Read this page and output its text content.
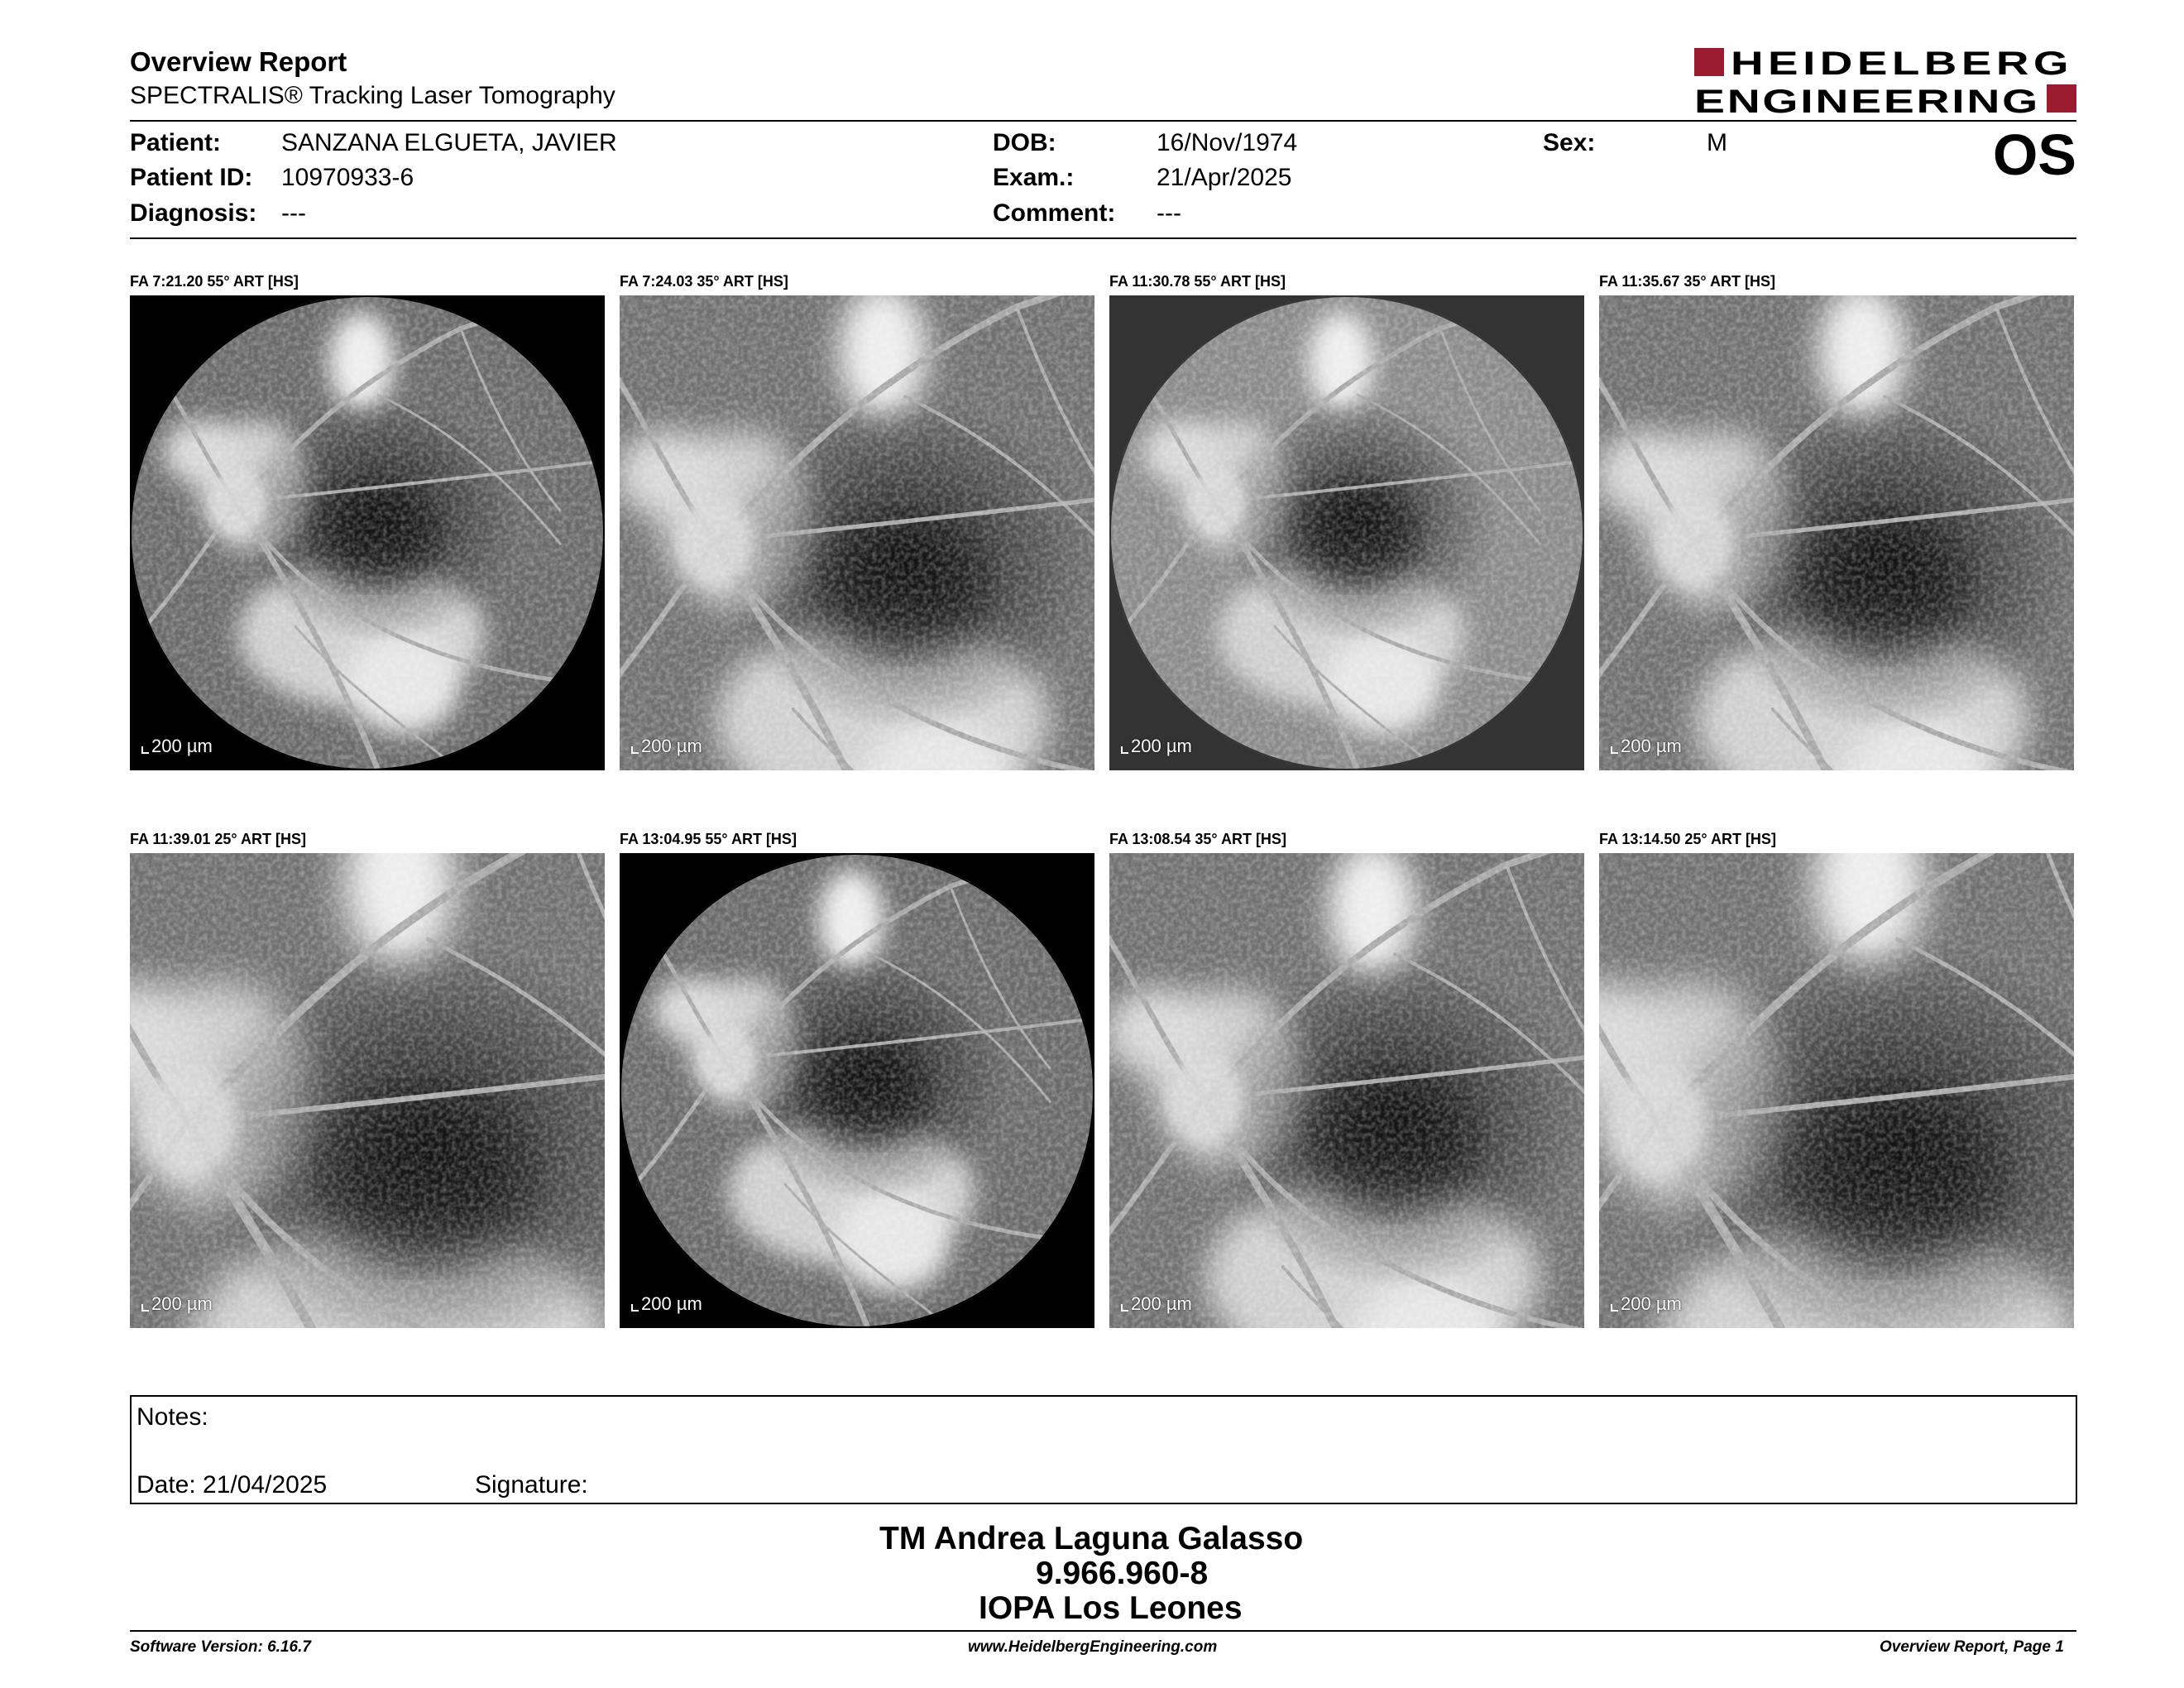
Overview Report
SPECTRALIS® Tracking Laser Tomography
HEIDELBERG
ENGINEERING
Patient: SANZANA ELGUETA, JAVIER
Patient ID: 10970933-6
Diagnosis: ---
DOB:	16/Nov/1974
Exam.:	21/Apr/2025
Comment: ---
Sex:	M	OS
FA 7:21.20 55° ART [HS]
200 µm
FA 7:24.03 35° ART [HS]
200 µm
FA 11:30.78 55° ART [HS]
200 µm
FA 11:35.67 35° ART [HS]
200 µm
FA 11:39.01 25° ART [HS]
200 µm
FA 13:04.95 55° ART [HS]
200 µm
FA 13:08.54 35° ART [HS]
200 µm
FA 13:14.50 25° ART [HS]
200 µm
Notes:
Date: 21/04/2025	Signature:
TM Andrea Laguna Galasso
9.966.960-8
IOPA Los Leones
Software Version: 6.16.7	www.HeidelbergEngineering.com	Overview Report, Page 1
